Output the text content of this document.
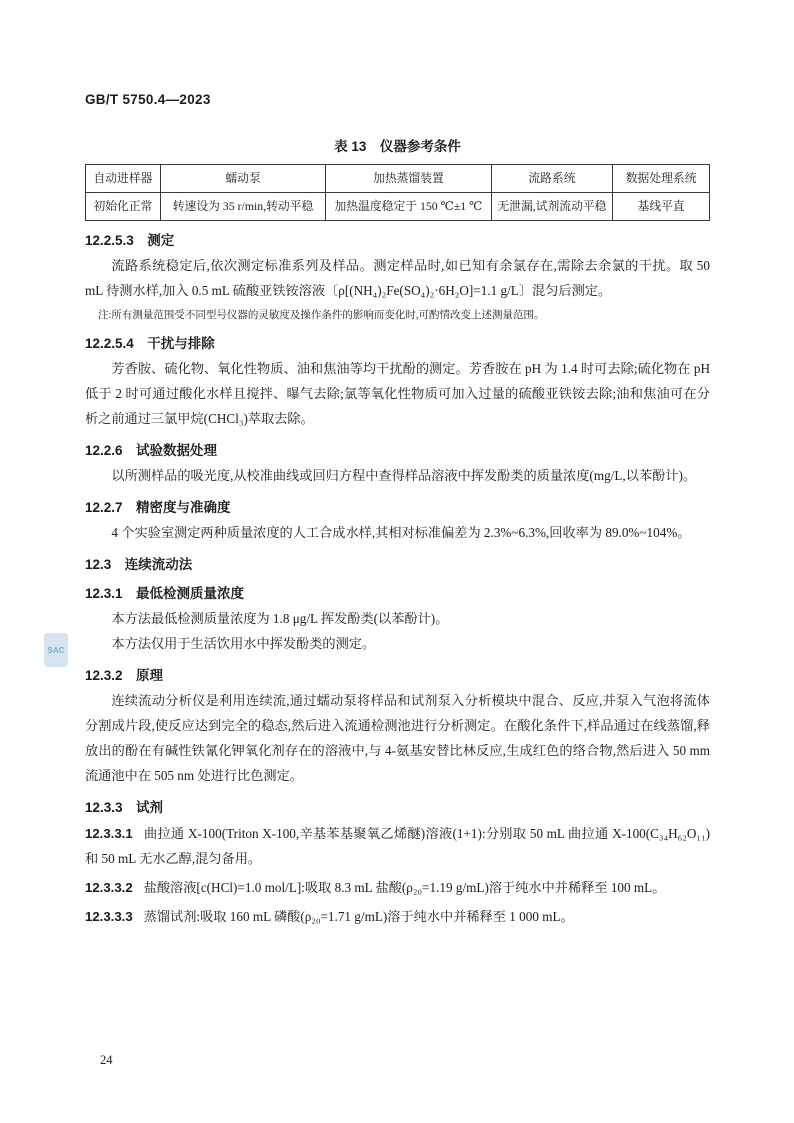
GB/T 5750.4—2023
表 13　仪器参考条件
自动进样器	蠕动泵	加热蒸馏装置	流路系统	数据处理系统
初始化正常	转速设为 35 r/min,转动平稳	加热温度稳定于 150 ℃±1 ℃	无泄漏,试剂流动平稳	基线平直
12.2.5.3　测定

流路系统稳定后,依次测定标准系列及样品。测定样品时,如已知有余氯存在,需除去余氯的干扰。取 50 mL 待测水样,加入 0.5 mL 硫酸亚铁铵溶液〔ρ[(NH₄)₂Fe(SO₄)₂·6H₂O]=1.1 g/L〕混匀后测定。

注:所有测量范围受不同型号仪器的灵敏度及操作条件的影响而变化时,可酌情改变上述测量范围。

12.2.5.4　干扰与排除

芳香胺、硫化物、氧化性物质、油和焦油等均干扰酚的测定。芳香胺在 pH 为 1.4 时可去除;硫化物在 pH 低于 2 时可通过酸化水样且搅拌、曝气去除;氯等氧化性物质可加入过量的硫酸亚铁铵去除;油和焦油可在分析之前通过三氯甲烷(CHCl₃)萃取去除。

12.2.6　试验数据处理

以所测样品的吸光度,从校准曲线或回归方程中查得样品溶液中挥发酚类的质量浓度(mg/L,以苯酚计)。

12.2.7　精密度与准确度

4 个实验室测定两种质量浓度的人工合成水样,其相对标准偏差为 2.3%~6.3%,回收率为 89.0%~104%。

12.3　连续流动法
12.3.1　最低检测质量浓度

本方法最低检测质量浓度为 1.8 μg/L 挥发酚类(以苯酚计)。

本方法仅用于生活饮用水中挥发酚类的测定。

12.3.2　原理

连续流动分析仪是利用连续流,通过蠕动泵将样品和试剂泵入分析模块中混合、反应,并泵入气泡将流体分割成片段,使反应达到完全的稳态,然后进入流通检测池进行分析测定。在酸化条件下,样品通过在线蒸馏,释放出的酚在有碱性铁氰化钾氧化剂存在的溶液中,与 4-氨基安替比林反应,生成红色的络合物,然后进入 50 mm 流通池中在 505 nm 处进行比色测定。

12.3.3　试剂

12.3.3.1 曲拉通 X-100(Triton X-100,辛基苯基聚氧乙烯醚)溶液(1+1):分别取 50 mL 曲拉通 X-100(C₃₄H₆₂O₁₁)和 50 mL 无水乙醇,混匀备用。

12.3.3.2 盐酸溶液[c(HCl)=1.0 mol/L]:吸取 8.3 mL 盐酸(ρ₂₀=1.19 g/mL)溶于纯水中并稀释至 100 mL。

12.3.3.3 蒸馏试剂:吸取 160 mL 磷酸(ρ₂₀=1.71 g/mL)溶于纯水中并稀释至 1 000 mL。

SAC
24
